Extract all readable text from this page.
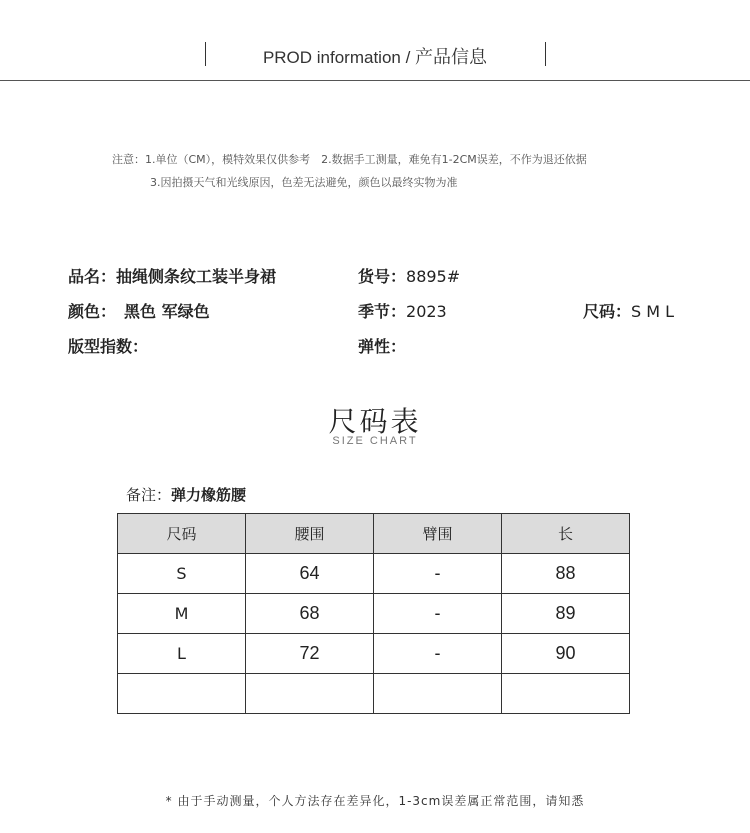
PROD information / 产品信息
注意：1.单位（CM），模特效果仅供参考　2.数据手工测量，难免有1-2CM误差，不作为退还依据
3.因拍摄天气和光线原因，色差无法避免，颜色以最终实物为准
品名：抽绳侧条纹工装半身裙	货号：8895#
颜色： 黑色 军绿色	季节：2023	尺码：S M L
版型指数：	弹性：
尺码表
SIZE CHART
备注：弹力橡筋腰
尺码	腰围	臂围	长
S	64	-	88
M	68	-	89
L	72	-	90

* 由于手动测量，个人方法存在差异化，1-3cm误差属正常范围，请知悉
